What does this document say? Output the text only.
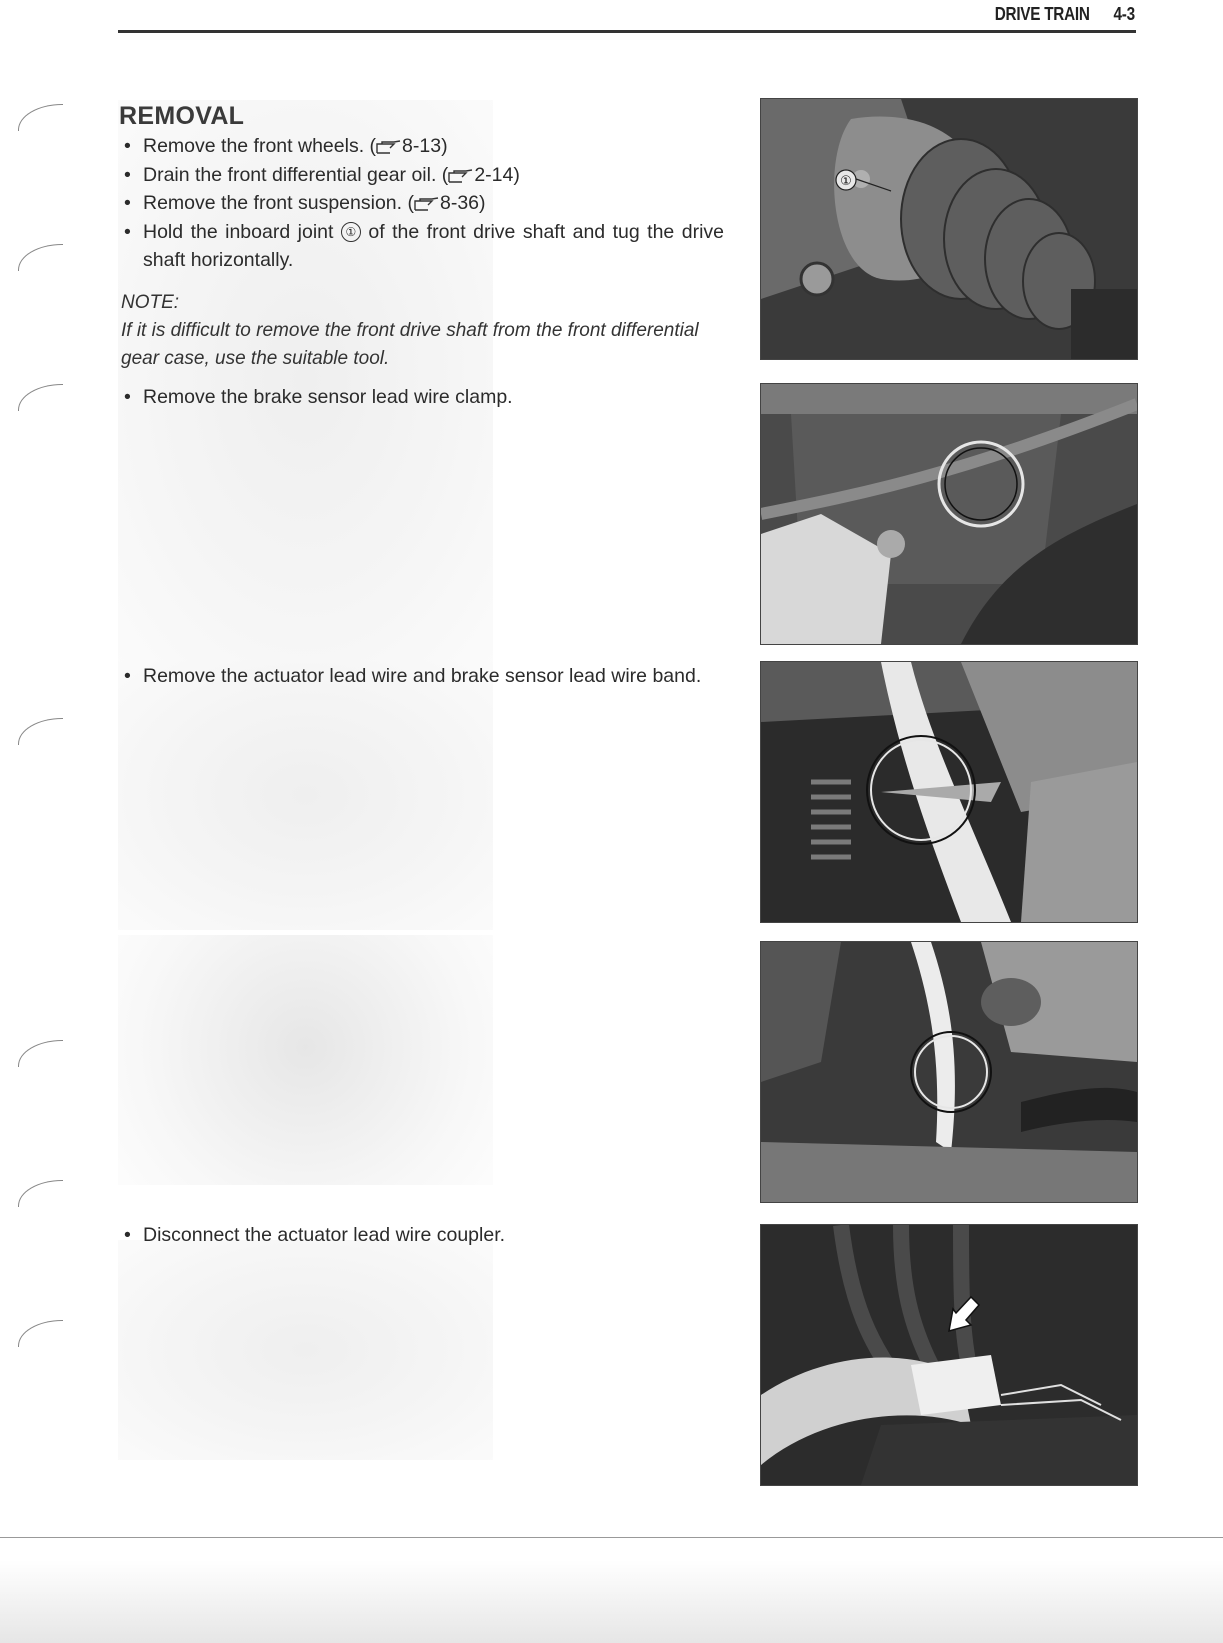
DRIVE TRAIN 4-3
REMOVAL
• Remove the front wheels. ( 8-13)
• Drain the front differential gear oil. ( 2-14)
• Remove the front suspension. ( 8-36)
• Hold the inboard joint ① of the front drive shaft and tug the drive shaft horizontally.
NOTE:
If it is difficult to remove the front drive shaft from the front differential gear case, use the suitable tool.
• Remove the brake sensor lead wire clamp.
• Remove the actuator lead wire and brake sensor lead wire band.
• Disconnect the actuator lead wire coupler.
①
